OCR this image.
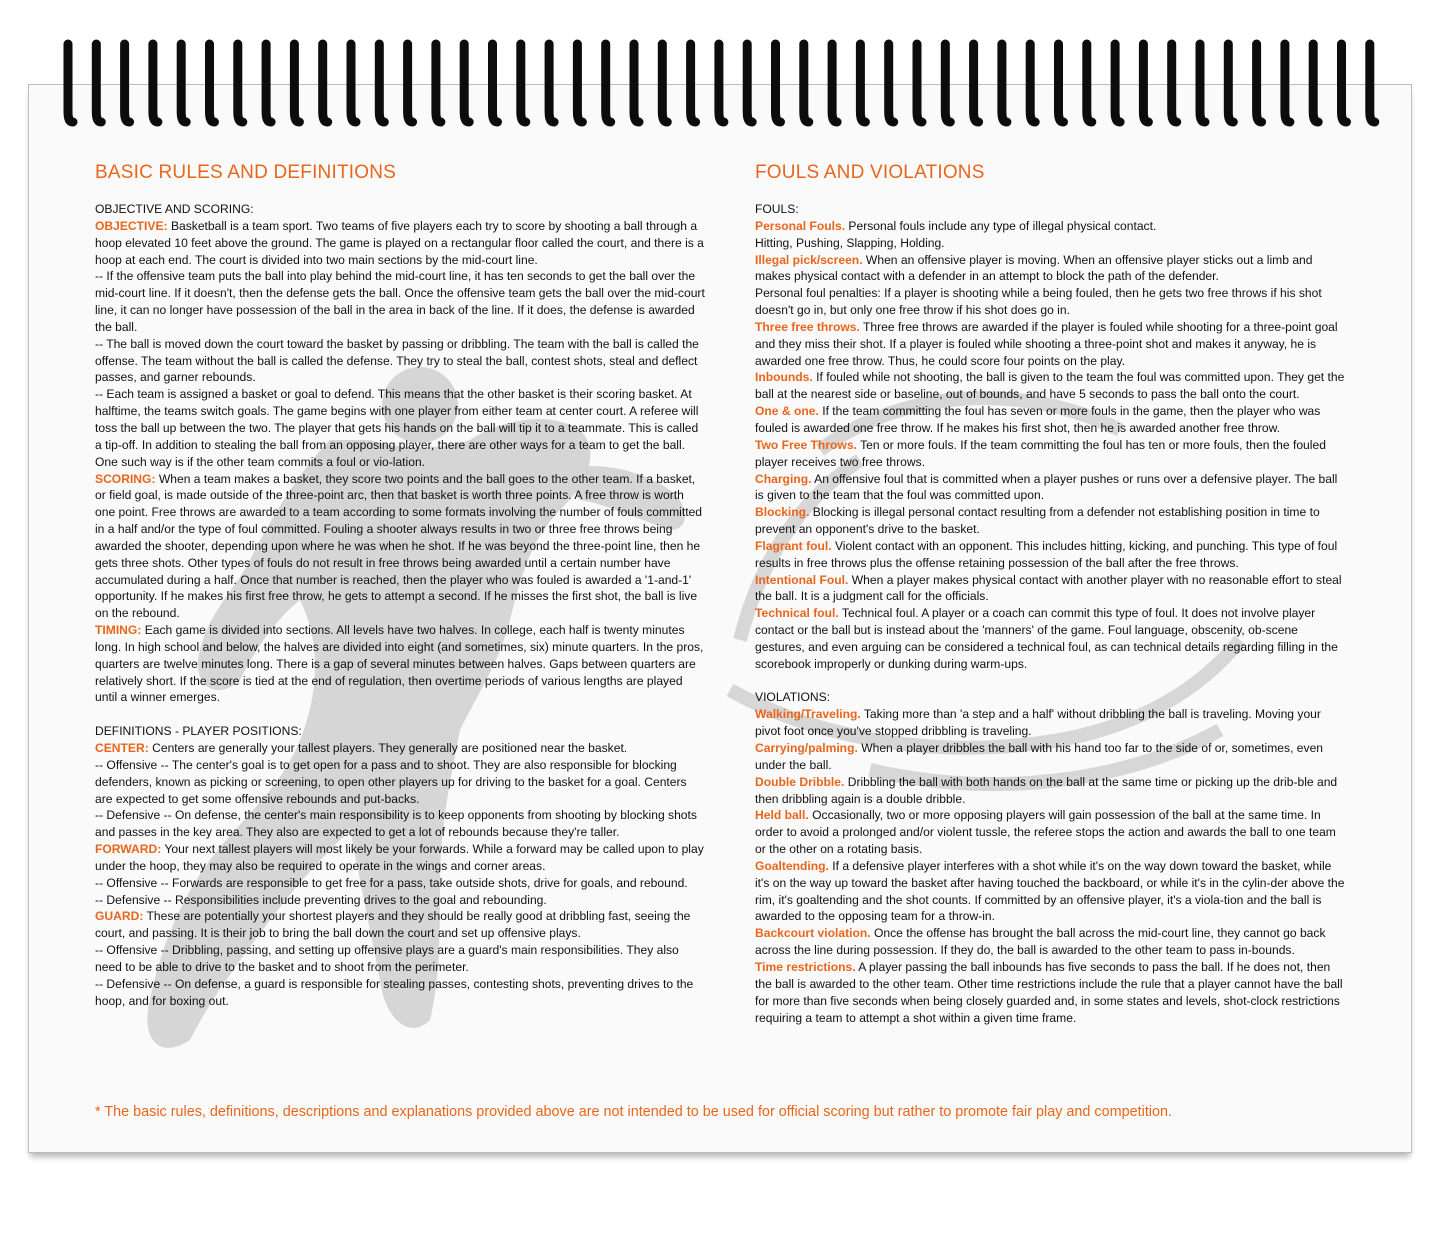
BASIC RULES AND DEFINITIONS

OBJECTIVE AND SCORING:

OBJECTIVE: Basketball is a team sport. Two teams of five players each try to score by shooting a ball through a hoop elevated 10 feet above the ground. The game is played on a rectangular floor called the court, and there is a hoop at each end. The court is divided into two main sections by the mid-court line.

-- If the offensive team puts the ball into play behind the mid-court line, it has ten seconds to get the ball over the mid-court line. If it doesn't, then the defense gets the ball. Once the offensive team gets the ball over the mid-court line, it can no longer have possession of the ball in the area in back of the line. If it does, the defense is awarded the ball.

-- The ball is moved down the court toward the basket by passing or dribbling. The team with the ball is called the offense. The team without the ball is called the defense. They try to steal the ball, contest shots, steal and deflect passes, and garner rebounds.

-- Each team is assigned a basket or goal to defend. This means that the other basket is their scoring basket. At halftime, the teams switch goals. The game begins with one player from either team at center court. A referee will toss the ball up between the two. The player that gets his hands on the ball will tip it to a teammate. This is called a tip-off. In addition to stealing the ball from an opposing player, there are other ways for a team to get the ball. One such way is if the other team commits a foul or vio-lation.

SCORING: When a team makes a basket, they score two points and the ball goes to the other team. If a basket, or field goal, is made outside of the three-point arc, then that basket is worth three points. A free throw is worth one point. Free throws are awarded to a team according to some formats involving the number of fouls committed in a half and/or the type of foul committed. Fouling a shooter always results in two or three free throws being awarded the shooter, depending upon where he was when he shot. If he was beyond the three-point line, then he gets three shots. Other types of fouls do not result in free throws being awarded until a certain number have accumulated during a half. Once that number is reached, then the player who was fouled is awarded a '1-and-1' opportunity. If he makes his first free throw, he gets to attempt a second. If he misses the first shot, the ball is live on the rebound.

TIMING: Each game is divided into sections. All levels have two halves. In college, each half is twenty minutes long. In high school and below, the halves are divided into eight (and sometimes, six) minute quarters. In the pros, quarters are twelve minutes long. There is a gap of several minutes between halves. Gaps between quarters are relatively short. If the score is tied at the end of regulation, then overtime periods of various lengths are played until a winner emerges.

DEFINITIONS - PLAYER POSITIONS:

CENTER: Centers are generally your tallest players. They generally are positioned near the basket.

-- Offensive -- The center's goal is to get open for a pass and to shoot. They are also responsible for blocking defenders, known as picking or screening, to open other players up for driving to the basket for a goal. Centers are expected to get some offensive rebounds and put-backs.

-- Defensive -- On defense, the center's main responsibility is to keep opponents from shooting by blocking shots and passes in the key area. They also are expected to get a lot of rebounds because they're taller.

FORWARD: Your next tallest players will most likely be your forwards. While a forward may be called upon to play under the hoop, they may also be required to operate in the wings and corner areas.

-- Offensive -- Forwards are responsible to get free for a pass, take outside shots, drive for goals, and rebound.

-- Defensive -- Responsibilities include preventing drives to the goal and rebounding.

GUARD: These are potentially your shortest players and they should be really good at dribbling fast, seeing the court, and passing. It is their job to bring the ball down the court and set up offensive plays.

-- Offensive -- Dribbling, passing, and setting up offensive plays are a guard's main responsibilities. They also need to be able to drive to the basket and to shoot from the perimeter.

-- Defensive -- On defense, a guard is responsible for stealing passes, contesting shots, preventing drives to the hoop, and for boxing out.

FOULS AND VIOLATIONS

FOULS:

Personal Fouls. Personal fouls include any type of illegal physical contact.

Hitting, Pushing, Slapping, Holding.

Illegal pick/screen. When an offensive player is moving. When an offensive player sticks out a limb and makes physical contact with a defender in an attempt to block the path of the defender.

Personal foul penalties: If a player is shooting while a being fouled, then he gets two free throws if his shot doesn't go in, but only one free throw if his shot does go in.

Three free throws. Three free throws are awarded if the player is fouled while shooting for a three-point goal and they miss their shot. If a player is fouled while shooting a three-point shot and makes it anyway, he is awarded one free throw. Thus, he could score four points on the play.

Inbounds. If fouled while not shooting, the ball is given to the team the foul was committed upon. They get the ball at the nearest side or baseline, out of bounds, and have 5 seconds to pass the ball onto the court.

One & one. If the team committing the foul has seven or more fouls in the game, then the player who was fouled is awarded one free throw. If he makes his first shot, then he is awarded another free throw.

Two Free Throws. Ten or more fouls. If the team committing the foul has ten or more fouls, then the fouled player receives two free throws.

Charging. An offensive foul that is committed when a player pushes or runs over a defensive player. The ball is given to the team that the foul was committed upon.

Blocking. Blocking is illegal personal contact resulting from a defender not establishing position in time to prevent an opponent's drive to the basket.

Flagrant foul. Violent contact with an opponent. This includes hitting, kicking, and punching. This type of foul results in free throws plus the offense retaining possession of the ball after the free throws.

Intentional Foul. When a player makes physical contact with another player with no reasonable effort to steal the ball. It is a judgment call for the officials.

Technical foul. Technical foul. A player or a coach can commit this type of foul. It does not involve player contact or the ball but is instead about the 'manners' of the game. Foul language, obscenity, ob-scene gestures, and even arguing can be considered a technical foul, as can technical details regarding filling in the scorebook improperly or dunking during warm-ups.

VIOLATIONS:

Walking/Traveling. Taking more than 'a step and a half' without dribbling the ball is traveling. Moving your pivot foot once you've stopped dribbling is traveling.

Carrying/palming. When a player dribbles the ball with his hand too far to the side of or, sometimes, even under the ball.

Double Dribble. Dribbling the ball with both hands on the ball at the same time or picking up the drib-ble and then dribbling again is a double dribble.

Held ball. Occasionally, two or more opposing players will gain possession of the ball at the same time. In order to avoid a prolonged and/or violent tussle, the referee stops the action and awards the ball to one team or the other on a rotating basis.

Goaltending. If a defensive player interferes with a shot while it's on the way down toward the basket, while it's on the way up toward the basket after having touched the backboard, or while it's in the cylin-der above the rim, it's goaltending and the shot counts. If committed by an offensive player, it's a viola-tion and the ball is awarded to the opposing team for a throw-in.

Backcourt violation. Once the offense has brought the ball across the mid-court line, they cannot go back across the line during possession. If they do, the ball is awarded to the other team to pass in-bounds.

Time restrictions. A player passing the ball inbounds has five seconds to pass the ball. If he does not, then the ball is awarded to the other team. Other time restrictions include the rule that a player cannot have the ball for more than five seconds when being closely guarded and, in some states and levels, shot-clock restrictions requiring a team to attempt a shot within a given time frame.

* The basic rules, definitions, descriptions and explanations provided above are not intended to be used for official scoring but rather to promote fair play and competition.
